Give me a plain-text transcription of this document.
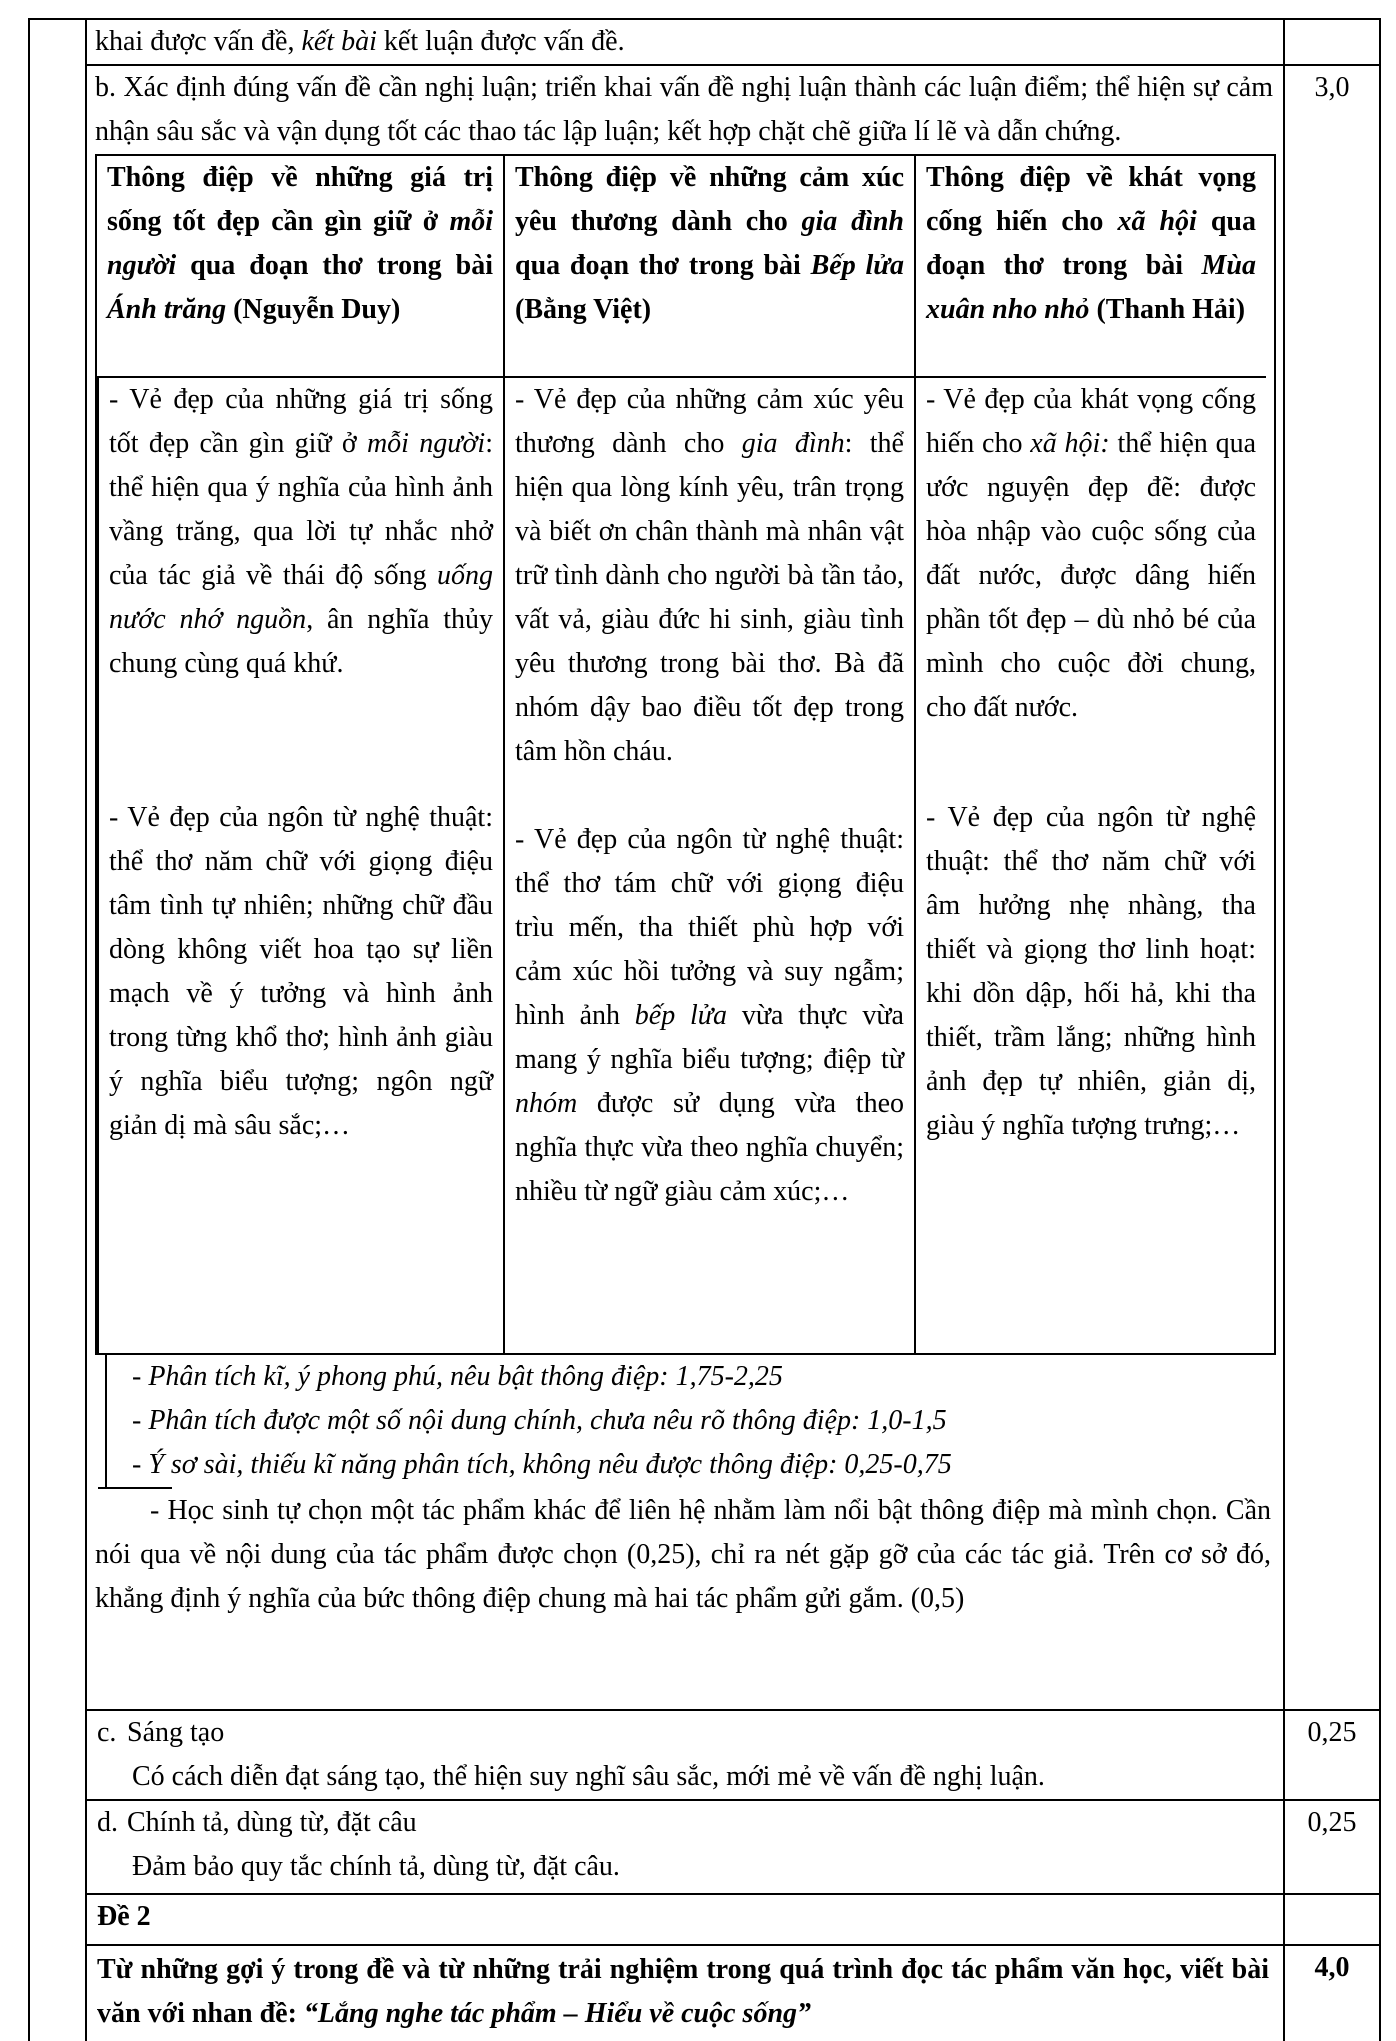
khai được vấn đề, kết bài kết luận được vấn đề.

b. Xác định đúng vấn đề cần nghị luận; triển khai vấn đề nghị luận thành các luận điểm; thể hiện sự cảm nhận sâu sắc và vận dụng tốt các thao tác lập luận; kết hợp chặt chẽ giữa lí lẽ và dẫn chứng.

Thông điệp về những giá trị sống tốt đẹp cần gìn giữ ở mỗi người qua đoạn thơ trong bài Ánh trăng (Nguyễn Duy)
Thông điệp về những cảm xúc yêu thương dành cho gia đình qua đoạn thơ trong bài Bếp lửa (Bằng Việt)
Thông điệp về khát vọng cống hiến cho xã hội qua đoạn thơ trong bài Mùa xuân nho nhỏ (Thanh Hải)

- Vẻ đẹp của những giá trị sống tốt đẹp cần gìn giữ ở mỗi người: thể hiện qua ý nghĩa của hình ảnh vầng trăng, qua lời tự nhắc nhở của tác giả về thái độ sống uống nước nhớ nguồn, ân nghĩa thủy chung cùng quá khứ.

- Vẻ đẹp của ngôn từ nghệ thuật: thể thơ năm chữ với giọng điệu tâm tình tự nhiên; những chữ đầu dòng không viết hoa tạo sự liền mạch về ý tưởng và hình ảnh trong từng khổ thơ; hình ảnh giàu ý nghĩa biểu tượng; ngôn ngữ giản dị mà sâu sắc;…

- Vẻ đẹp của những cảm xúc yêu thương dành cho gia đình: thể hiện qua lòng kính yêu, trân trọng và biết ơn chân thành mà nhân vật trữ tình dành cho người bà tần tảo, vất vả, giàu đức hi sinh, giàu tình yêu thương trong bài thơ. Bà đã nhóm dậy bao điều tốt đẹp trong tâm hồn cháu.

- Vẻ đẹp của ngôn từ nghệ thuật: thể thơ tám chữ với giọng điệu trìu mến, tha thiết phù hợp với cảm xúc hồi tưởng và suy ngẫm; hình ảnh bếp lửa vừa thực vừa mang ý nghĩa biểu tượng; điệp từ nhóm được sử dụng vừa theo nghĩa thực vừa theo nghĩa chuyển; nhiều từ ngữ giàu cảm xúc;…

- Vẻ đẹp của khát vọng cống hiến cho xã hội: thể hiện qua ước nguyện đẹp đẽ: được hòa nhập vào cuộc sống của đất nước, được dâng hiến phần tốt đẹp – dù nhỏ bé của mình cho cuộc đời chung, cho đất nước.

- Vẻ đẹp của ngôn từ nghệ thuật: thể thơ năm chữ với âm hưởng nhẹ nhàng, tha thiết và giọng thơ linh hoạt: khi dồn dập, hối hả, khi tha thiết, trầm lắng; những hình ảnh đẹp tự nhiên, giản dị, giàu ý nghĩa tượng trưng;…

- Phân tích kĩ, ý phong phú, nêu bật thông điệp: 1,75-2,25
- Phân tích được một số nội dung chính, chưa nêu rõ thông điệp: 1,0-1,5
- Ý sơ sài, thiếu kĩ năng phân tích, không nêu được thông điệp: 0,25-0,75

- Học sinh tự chọn một tác phẩm khác để liên hệ nhằm làm nổi bật thông điệp mà mình chọn. Cần nói qua về nội dung của tác phẩm được chọn (0,25), chỉ ra nét gặp gỡ của các tác giả. Trên cơ sở đó, khẳng định ý nghĩa của bức thông điệp chung mà hai tác phẩm gửi gắm. (0,5)

3,0
c. Sáng tạo
Có cách diễn đạt sáng tạo, thể hiện suy nghĩ sâu sắc, mới mẻ về vấn đề nghị luận.
0,25
d. Chính tả, dùng từ, đặt câu
Đảm bảo quy tắc chính tả, dùng từ, đặt câu.
0,25
Đề 2
Từ những gợi ý trong đề và từ những trải nghiệm trong quá trình đọc tác phẩm văn học, viết bài văn với nhan đề: “Lắng nghe tác phẩm – Hiểu về cuộc sống”
4,0
